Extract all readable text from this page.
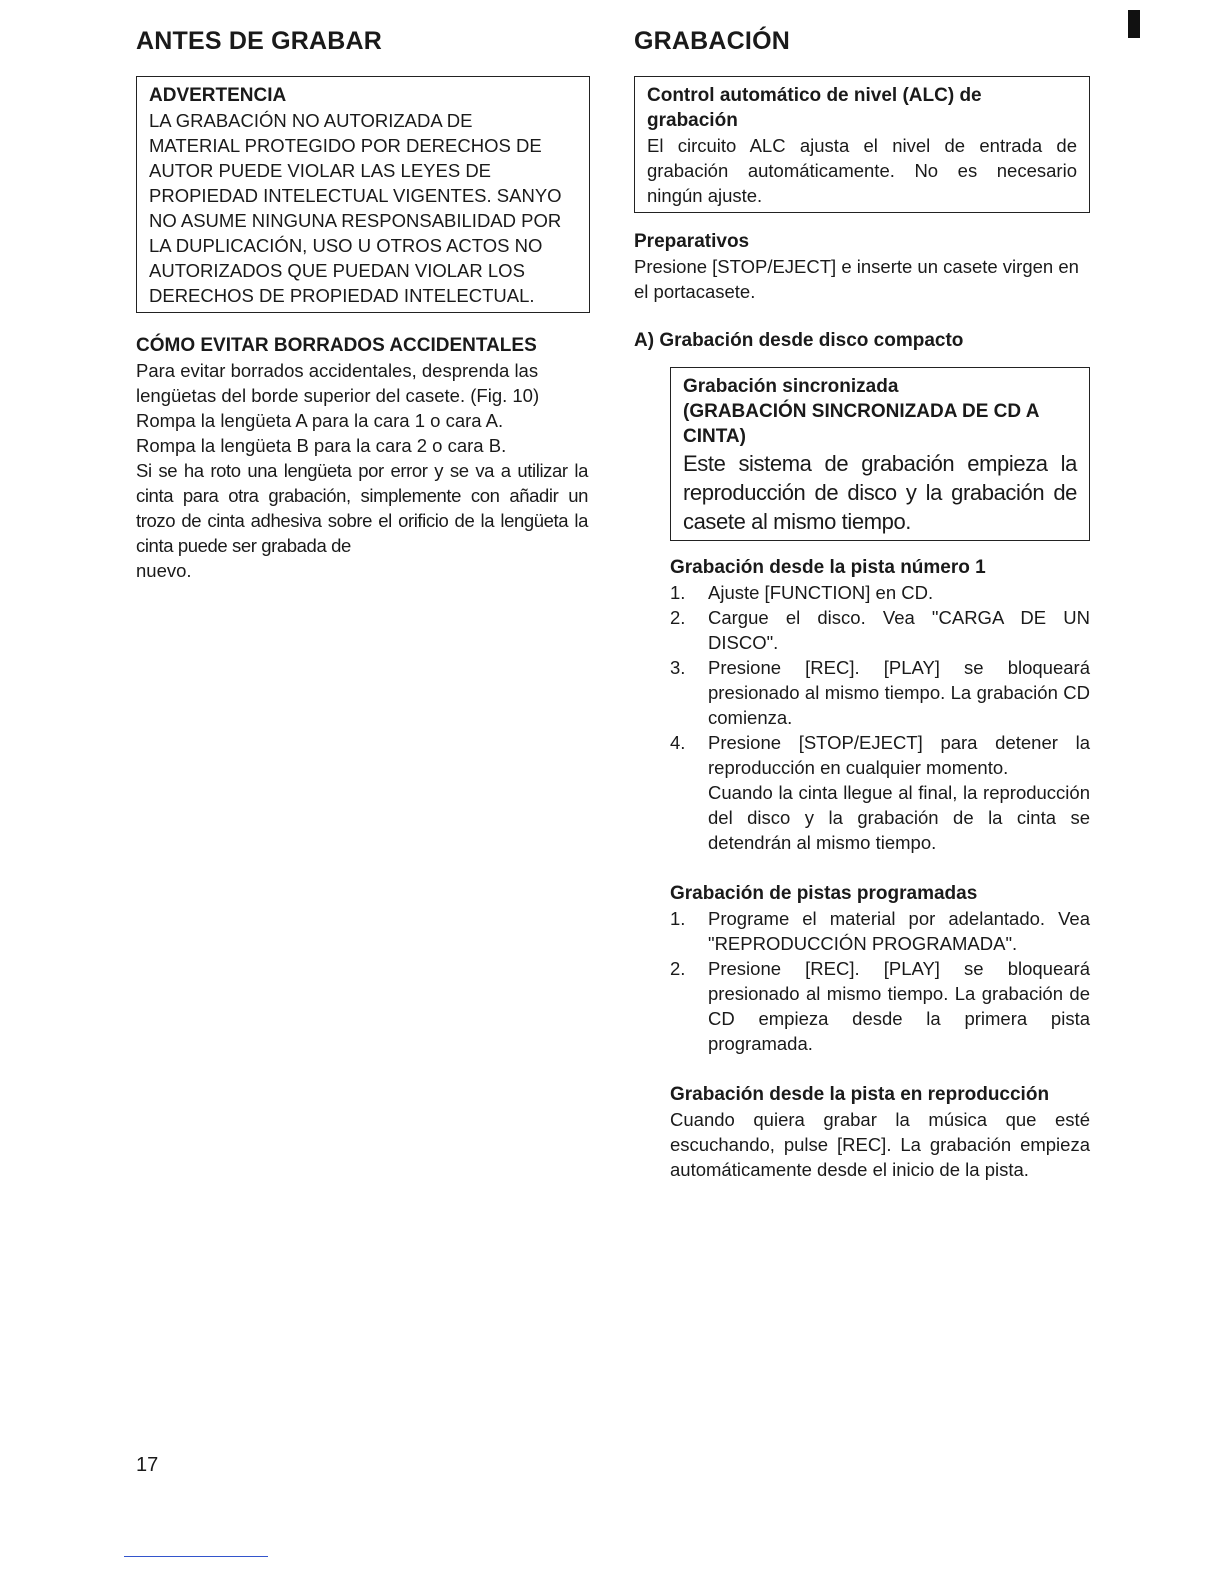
ANTES DE GRABAR
ADVERTENCIA
LA GRABACIÓN NO AUTORIZADA DE
MATERIAL PROTEGIDO POR DERECHOS DE
AUTOR PUEDE VIOLAR LAS LEYES DE
PROPIEDAD INTELECTUAL VIGENTES. SANYO
NO ASUME NINGUNA RESPONSABILIDAD POR
LA DUPLICACIÓN, USO U OTROS ACTOS NO
AUTORIZADOS QUE PUEDAN VIOLAR LOS
DERECHOS DE PROPIEDAD INTELECTUAL.
CÓMO EVITAR BORRADOS ACCIDENTALES

Para evitar borrados accidentales, desprenda las lengüetas del borde superior del casete. (Fig. 10)

Rompa la lengüeta A para la cara 1 o cara A.

Rompa la lengüeta B para la cara 2 o cara B.

Si se ha roto una lengüeta por error y se va a utilizar la cinta para otra grabación, simplemente con añadir un trozo de cinta adhesiva sobre el orificio de la lengüeta la cinta puede ser grabada de

nuevo.

GRABACIÓN
Control automático de nivel (ALC) de grabación
El circuito ALC ajusta el nivel de entrada de grabación automáticamente. No es necesario ningún ajuste.
Preparativos

Presione [STOP/EJECT] e inserte un casete virgen en el portacasete.

A) Grabación desde disco compacto
Grabación sincronizada
(GRABACIÓN SINCRONIZADA DE CD A CINTA)
Este sistema de grabación empieza la reproducción de disco y la grabación de casete al mismo tiempo.
Grabación desde la pista número 1
1.	Ajuste [FUNCTION] en CD.
2.	Cargue el disco. Vea "CARGA DE UN DISCO".
3.	Presione [REC]. [PLAY] se bloqueará presionado al mismo tiempo. La grabación CD comienza.
4.	Presione [STOP/EJECT] para detener la reproducción en cualquier momento.

Cuando la cinta llegue al final, la reproducción del disco y la grabación de la cinta se detendrán al mismo tiempo.

Grabación de pistas programadas
1.	Programe el material por adelantado. Vea "REPRODUCCIÓN PROGRAMADA".
2.	Presione [REC]. [PLAY] se bloqueará presionado al mismo tiempo. La grabación de CD empieza desde la primera pista programada.
Grabación desde la pista en reproducción

Cuando quiera grabar la música que esté escuchando, pulse [REC]. La grabación empieza automáticamente desde el inicio de la pista.

17
